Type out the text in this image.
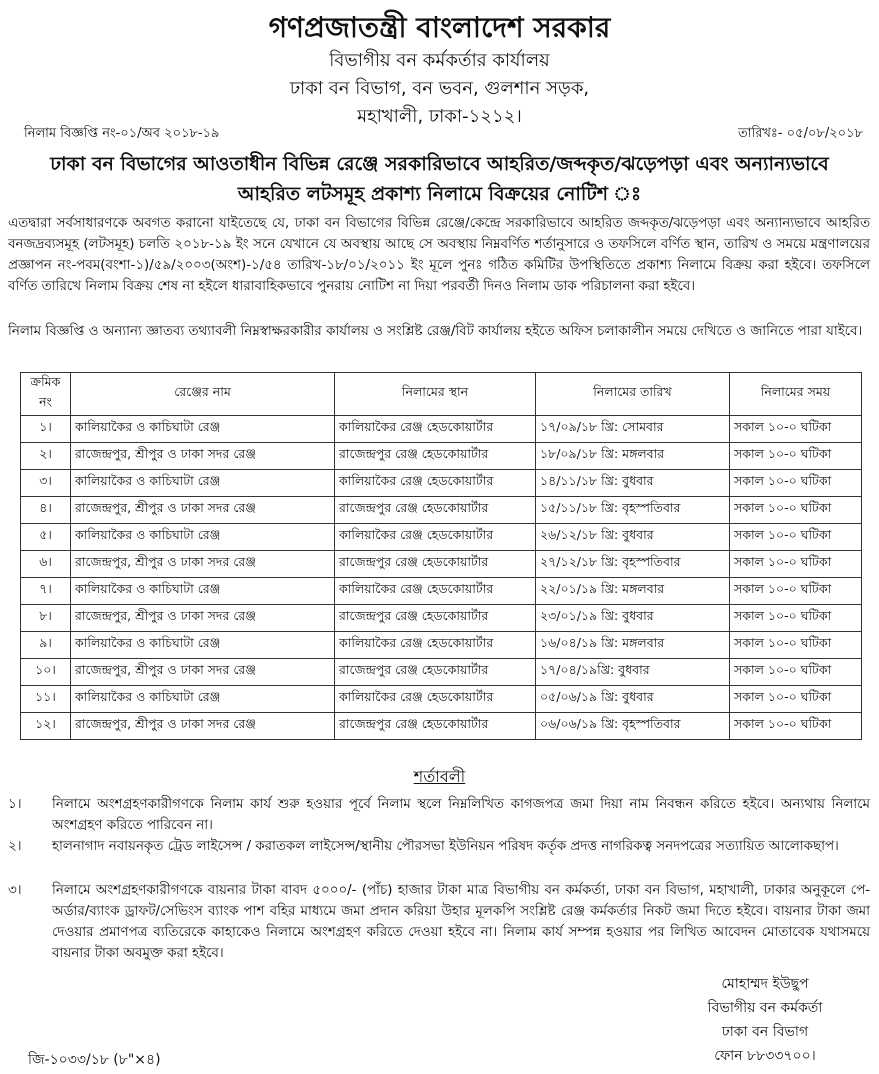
গণপ্রজাতন্ত্রী বাংলাদেশ সরকার
বিভাগীয় বন কর্মকর্তার কার্যালয়
ঢাকা বন বিভাগ, বন ভবন, গুলশান সড়ক,
মহাখালী, ঢাকা-১২১২।
নিলাম বিজ্ঞপ্তি নং-০১/অব ২০১৮-১৯	তারিখঃ- ০৫/০৮/২০১৮
ঢাকা বন বিভাগের আওতাধীন বিভিন্ন রেঞ্জে সরকারিভাবে আহরিত/জব্দকৃত/ঝড়েপড়া এবং অন্যান্যভাবে
আহরিত লটসমূহ প্রকাশ্য নিলামে বিক্রয়ের নোটিশ ঃ
এতদ্বারা সর্বসাধারণকে অবগত করানো যাইতেছে যে, ঢাকা বন বিভাগের বিভিন্ন রেঞ্জে/কেন্দ্রে সরকারিভাবে আহরিত জব্দকৃত/ঝড়েপড়া এবং অন্যান্যভাবে আহরিত বনজদ্রব্যসমূহ (লটসমূহ) চলতি ২০১৮-১৯ ইং সনে যেখানে যে অবস্থায় আছে সে অবস্থায় নিম্নবর্ণিত শর্তানুসারে ও তফসিলে বর্ণিত স্থান, তারিখ ও সময়ে মন্ত্রণালয়ের প্রজ্ঞাপন নং-পবম(বংশা-১)/৫৯/২০০৩(অংশ)-১/৫৪ তারিখ-১৮/০১/২০১১ ইং মূলে পুনঃ গঠিত কমিটির উপস্থিতিতে প্রকাশ্য নিলামে বিক্রয় করা হইবে। তফসিলে বর্ণিত তারিখে নিলাম বিক্রয় শেষ না হইলে ধারাবাহিকভাবে পুনরায় নোটিশ না দিয়া পরবর্তী দিনও নিলাম ডাক পরিচালনা করা হইবে।
নিলাম বিজ্ঞপ্তি ও অন্যান্য জ্ঞাতব্য তথ্যাবলী নিম্নস্বাক্ষরকারীর কার্যালয় ও সংশ্লিষ্ট রেঞ্জ/বিট কার্যালয় হইতে অফিস চলাকালীন সময়ে দেখিতে ও জানিতে পারা যাইবে।
ক্রমিক নং	রেঞ্জের নাম	নিলামের স্থান	নিলামের তারিখ	নিলামের সময়
১।	কালিয়াকৈর ও কাচিঘাটা রেঞ্জ	কালিয়াকৈর রেঞ্জ হেডকোয়ার্টার	১৭/০৯/১৮ খ্রি: সোমবার	সকাল ১০-০ ঘটিকা
২।	রাজেন্দ্রপুর, শ্রীপুর ও ঢাকা সদর রেঞ্জ	রাজেন্দ্রপুর রেঞ্জ হেডকোয়ার্টার	১৮/০৯/১৮ খ্রি: মঙ্গলবার	সকাল ১০-০ ঘটিকা
৩।	কালিয়াকৈর ও কাচিঘাটা রেঞ্জ	কালিয়াকৈর রেঞ্জ হেডকোয়ার্টার	১৪/১১/১৮ খ্রি: বুধবার	সকাল ১০-০ ঘটিকা
৪।	রাজেন্দ্রপুর, শ্রীপুর ও ঢাকা সদর রেঞ্জ	রাজেন্দ্রপুর রেঞ্জ হেডকোয়ার্টার	১৫/১১/১৮ খ্রি: বৃহস্পতিবার	সকাল ১০-০ ঘটিকা
৫।	কালিয়াকৈর ও কাচিঘাটা রেঞ্জ	কালিয়াকৈর রেঞ্জ হেডকোয়ার্টার	২৬/১২/১৮ খ্রি: বুধবার	সকাল ১০-০ ঘটিকা
৬।	রাজেন্দ্রপুর, শ্রীপুর ও ঢাকা সদর রেঞ্জ	রাজেন্দ্রপুর রেঞ্জ হেডকোয়ার্টার	২৭/১২/১৮ খ্রি: বৃহস্পতিবার	সকাল ১০-০ ঘটিকা
৭।	কালিয়াকৈর ও কাচিঘাটা রেঞ্জ	কালিয়াকৈর রেঞ্জ হেডকোয়ার্টার	২২/০১/১৯ খ্রি: মঙ্গলবার	সকাল ১০-০ ঘটিকা
৮।	রাজেন্দ্রপুর, শ্রীপুর ও ঢাকা সদর রেঞ্জ	রাজেন্দ্রপুর রেঞ্জ হেডকোয়ার্টার	২৩/০১/১৯ খ্রি: বুধবার	সকাল ১০-০ ঘটিকা
৯।	কালিয়াকৈর ও কাচিঘাটা রেঞ্জ	কালিয়াকৈর রেঞ্জ হেডকোয়ার্টার	১৬/০৪/১৯ খ্রি: মঙ্গলবার	সকাল ১০-০ ঘটিকা
১০।	রাজেন্দ্রপুর, শ্রীপুর ও ঢাকা সদর রেঞ্জ	রাজেন্দ্রপুর রেঞ্জ হেডকোয়ার্টার	১৭/০৪/১৯খ্রি: বুধবার	সকাল ১০-০ ঘটিকা
১১।	কালিয়াকৈর ও কাচিঘাটা রেঞ্জ	কালিয়াকৈর রেঞ্জ হেডকোয়ার্টার	০৫/০৬/১৯ খ্রি: বুধবার	সকাল ১০-০ ঘটিকা
১২।	রাজেন্দ্রপুর, শ্রীপুর ও ঢাকা সদর রেঞ্জ	রাজেন্দ্রপুর রেঞ্জ হেডকোয়ার্টার	০৬/০৬/১৯ খ্রি: বৃহস্পতিবার	সকাল ১০-০ ঘটিকা
শর্তাবলী
১। নিলামে অংশগ্রহণকারীগণকে নিলাম কার্য শুরু হওয়ার পূর্বে নিলাম স্থলে নিম্নলিখিত কাগজপত্র জমা দিয়া নাম নিবন্ধন করিতে হইবে। অন্যথায় নিলামে অংশগ্রহণ করিতে পারিবেন না।
২। হালনাগাদ নবায়নকৃত ট্রেড লাইসেন্স / করাতকল লাইসেন্স/স্থানীয় পৌরসভা ইউনিয়ন পরিষদ কর্তৃক প্রদত্ত নাগরিকত্ব সনদপত্রের সত্যায়িত আলোকছাপ।
৩। নিলামে অংশগ্রহণকারীগণকে বায়নার টাকা বাবদ ৫০০০/- (পাঁচ) হাজার টাকা মাত্র বিভাগীয় বন কর্মকর্তা, ঢাকা বন বিভাগ, মহাখালী, ঢাকার অনুকূলে পে-অর্ডার/ব্যাংক ড্রাফট/সেভিংস ব্যাংক পাশ বহির মাধ্যমে জমা প্রদান করিয়া উহার মূলকপি সংশ্লিষ্ট রেঞ্জ কর্মকর্তার নিকট জমা দিতে হইবে। বায়নার টাকা জমা দেওয়ার প্রমাণপত্র ব্যতিরেকে কাহাকেও নিলামে অংশগ্রহণ করিতে দেওয়া হইবে না। নিলাম কার্য সম্পন্ন হওয়ার পর লিখিত আবেদন মোতাবেক যথাসময়ে বায়নার টাকা অবমুক্ত করা হইবে।
মোহাম্মদ ইউছুপ
বিভাগীয় বন কর্মকর্তা
ঢাকা বন বিভাগ
ফোন ৮৮৩৩৭০০।
জি-১০৩৩/১৮ (৮"×৪)
